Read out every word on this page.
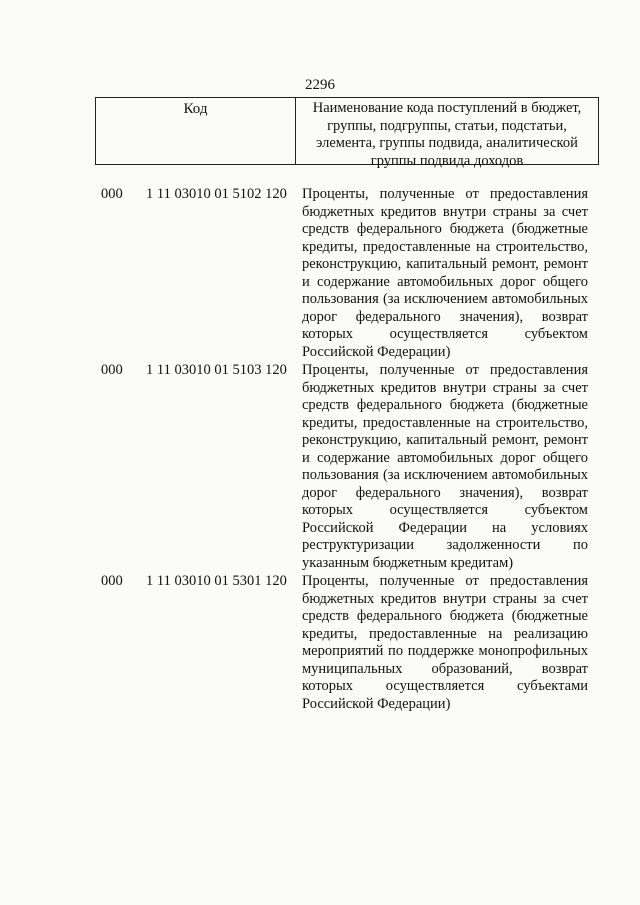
2296
Код	Наименование кода поступлений в бюджет, группы, подгруппы, статьи, подстатьи, элемента, группы подвида, аналитической группы подвида доходов
000 1 11 03010 01 5102 120 Проценты, полученные от предоставления бюджетных кредитов внутри страны за счет средств федерального бюджета (бюджетные кредиты, предоставленные на строительство, реконструкцию, капитальный ремонт, ремонт и содержание автомобильных дорог общего пользования (за исключением автомобильных дорог федерального значения), возврат которых осуществляется субъектом Российской Федерации)
000 1 11 03010 01 5103 120 Проценты, полученные от предоставления бюджетных кредитов внутри страны за счет средств федерального бюджета (бюджетные кредиты, предоставленные на строительство, реконструкцию, капитальный ремонт, ремонт и содержание автомобильных дорог общего пользования (за исключением автомобильных дорог федерального значения), возврат которых осуществляется субъектом Российской Федерации на условиях реструктуризации задолженности по указанным бюджетным кредитам)
000 1 11 03010 01 5301 120 Проценты, полученные от предоставления бюджетных кредитов внутри страны за счет средств федерального бюджета (бюджетные кредиты, предоставленные на реализацию мероприятий по поддержке монопрофильных муниципальных образований, возврат которых осуществляется субъектами Российской Федерации)
